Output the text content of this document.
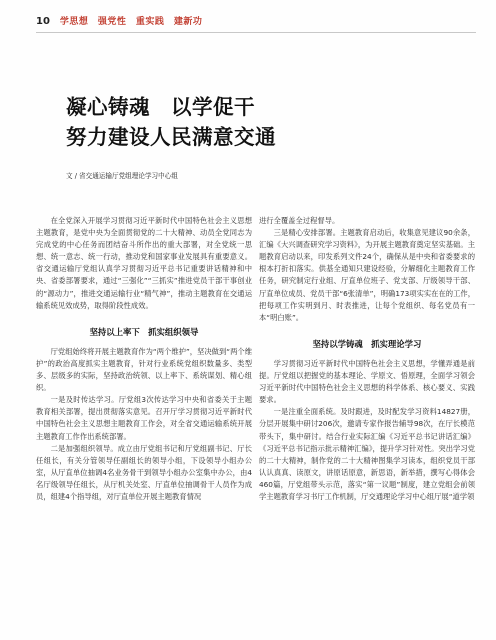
10 学思想　强党性　重实践　建新功
凝心铸魂　以学促干
努力建设人民满意交通
文 / 省交通运输厅党组理论学习中心组

在全党深入开展学习贯彻习近平新时代中国特色社会主义思想主题教育，是党中央为全面贯彻党的二十大精神、动员全党同志为完成党的中心任务而团结奋斗所作出的重大部署，对全党统一思想、统一意志、统一行动，推动党和国家事业发展具有重要意义。省交通运输厅党组认真学习贯彻习近平总书记重要讲话精神和中央、省委部署要求，通过“三强化”“三抓实”推进党员干部干事创业的“源动力”，推进交通运输行业“精气神”，推动主题教育在交通运输系统见效成势，取得阶段性成效。

坚持以上率下　抓实组织领导

厅党组始终将开展主题教育作为“两个维护”，坚决做到“两个维护”的政治高度抓实主题教育，针对行业系统党组织数量多、类型多、层级多的实际，坚持政治统领、以上率下、系统谋划、精心组织。

一是及时传达学习。厅党组3次传达学习中央和省委关于主题教育相关部署，提出贯彻落实意见。召开厅学习贯彻习近平新时代中国特色社会主义思想主题教育工作会，对全省交通运输系统开展主题教育工作作出系统部署。

二是加强组织领导。成立由厅党组书记和厅党组副书记、厅长任组长，有关分管领导任副组长的领导小组，下设领导小组办公室，从厅直单位抽调4名业务骨干到领导小组办公室集中办公，由4名厅级领导任组长，从厅机关处室、厅直单位抽调骨干人员作为成员，组建4个指导组，对厅直单位开展主题教育情况

进行全覆盖全过程督导。

三是精心安排部署。主题教育启动后，收集意见建议90余条，汇编《大兴调查研究学习资料》，为开展主题教育奠定坚实基础。主题教育启动以来，印发系列文件24个，确保从是中央和省委要求的根本打折扣落实。供基全通知只建设经验，分解细化主题教育工作任务，研究制定行业组、厅直单位班子、党支部、厅级领导干部、厅直单位成员、党员干部“6张清单”，明确173项实实在在的工作，把每项工作实明到月、时表推进，让每个党组织、每名党员有一本“明白账”。

坚持以学铸魂　抓实理论学习

学习贯彻习近平新时代中国特色社会主义思想，学懂弄通是前提。厅党组以把握党的基本理论、学原文、悟原理，全面学习领会习近平新时代中国特色社会主义思想的科学体系、核心要义、实践要求。

一是注重全面系统。及时跟进，及时配发学习资料14827册，分层开展集中研讨206次，邀请专家作报告辅导98次，在厅长模范带头下，集中研讨。结合行业实际汇编《习近平总书记讲话汇编》《习近平总书记指示批示精神汇编》，提升学习针对性。突出学习党的二十大精神，制作党的二十大精神图集学习读本，组织党员干部认认真真、读原文，讲原话原意，新思语，新举措，撰写心得体会460篇，厅党组带头示范，落实“第一议题”制度，建立党组会前领学主题教育学习书厅工作机制，厅交通理论学习中心组厅展“道学领
